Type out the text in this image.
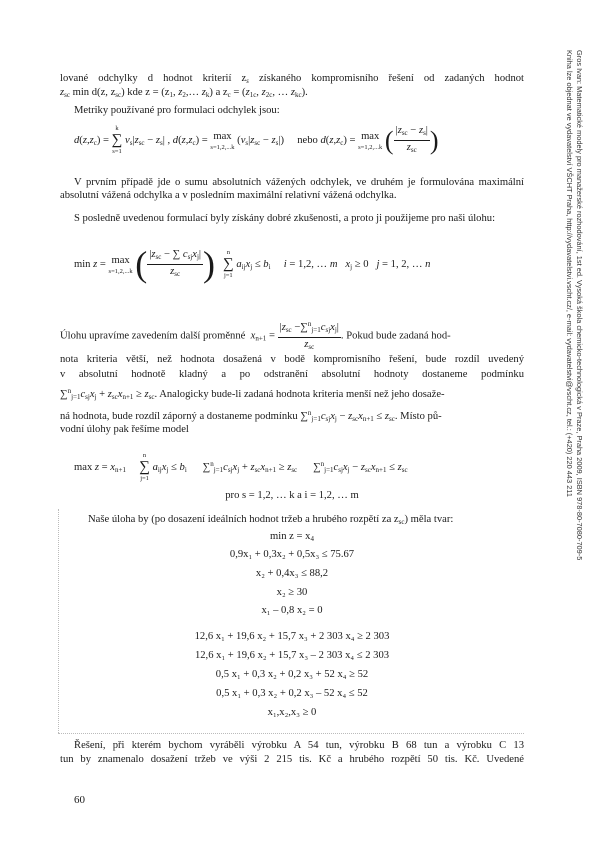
Gros Ivan: Matematické modely pro manažerské rozhodování, 1st ed. Vysoká škola chemicko-technologická v Praze, Praha 2009, ISBN 978-80-7080-709-5
Kniha lze objednat ve vydavatelství VŠCHT Praha, http://vydavatelstvi.vscht.cz/, e-mail: vydavatelstvi@vscht.cz, tel.: (+420) 220 443 211
lované odchylky d hodnot kriterií $z_s$ získaného kompromisního řešení od zadaných hodnot
$z_{sc}$ min d(z, $z_{sc}$) kde $z = (z_1$, $z_2,\dots$ $z_k$) a $z_c = (z_{1c}$, $z_{2c}$, … $z_{kc}$).
Metriky používané pro formulaci odchylek jsou:
$d(z,z_c)$ =
k
∑
s=1
$v_s|z_{sc} - z_s|$ , $d(z,z_c) = \max$
s=1,2,...k
$(v_s|z_{sc} - z_s|)$     nebo $d(z,z_c) = \max$
s=1,2,...k ( $\frac{|z_{sc} - z_s|}{z_{sc}}$ )
V prvním případě jde o sumu absolutních vážených odchylek, ve druhém je formulována maximální absolutní vážená odchylka a v posledním maximální relativní vážená odchylka.
S posledně uvedenou formulací byly získány dobré zkušenosti, a proto ji použijeme pro naši úlohu:
min z = max
s=1,2,...k ( $\frac{|z_{sc} - \sum c_{sj}x_j|}{z_{sc}}$ )	n
∑
j=1
$a_{ij}x_j \le b_i$ i = 1,2, … m $x_j \ge 0$   j = 1, 2, … n
Úlohu upravíme zavedením další proměnné $x_{n+1} = \frac{|z_{sc} -\sum^n_{j=1}c_{sj}x_j|}{z_{sc}}$ . Pokud bude zadaná hod-
nota kriteria větší, než hodnota dosažená v bodě kompromisního řešení, bude rozdíl uvedený
v absolutní hodnotě kladný a po odstranění absolutní hodnoty dostaneme podmínku
$\sum^n_{j=1}c_{sj}x_j + z_{sc}x_{n+1} \ge z_{sc}$. Analogicky bude-li zadaná hodnota kriteria menší než jeho dosaže-
ná hodnota, bude rozdíl záporný a dostaneme podmínku $\sum^n_{j=1}c_{sj}x_j - z_{sc}x_{n+1} \le z_{sc}$. Místo pů-
vodní úlohy pak řešíme model
$\max z = x_{n+1}$
n
∑
j=1
$a_{ij}x_j \le b_i$      $\sum^n_{j=1}c_{sj}x_j + z_{sc}x_{n+1} \ge z_{sc}$      $\sum^n_{j=1}c_{sj}x_j - z_{sc}x_{n+1} \le z_{sc}$
pro s = 1,2, … k a i = 1,2, … m
Naše úloha by (po dosazení ideálních hodnot tržeb a hrubého rozpětí za $z_{sc}$) měla tvar:
$\min z = x_4$
0,9x₁ + 0,3x₂ + 0,5x₃ ≤ 75.67
x₂ + 0,4x₃ ≤ 88,2
x₂ ≥ 30
x₁ – 0,8 x₂ = 0
12,6 x₁ + 19,6 x₂ + 15,7 x₃ + 2 303 x₄ ≥ 2 303
12,6 x₁ + 19,6 x₂ + 15,7 x₃ – 2 303 x₄ ≤ 2 303
0,5 x₁ + 0,3 x₂ + 0,2 x₃ + 52 x₄ ≥ 52
0,5 x₁ + 0,3 x₂ + 0,2 x₃ – 52 x₄ ≤ 52
x₁,x₂,x₃ ≥ 0
Řešení, při kterém bychom vyráběli výrobku A 54 tun, výrobku B 68 tun a výrobku C 13
tun by znamenalo dosažení tržeb ve výši 2 215 tis. Kč a hrubého rozpětí 50 tis. Kč. Uvedené
60
